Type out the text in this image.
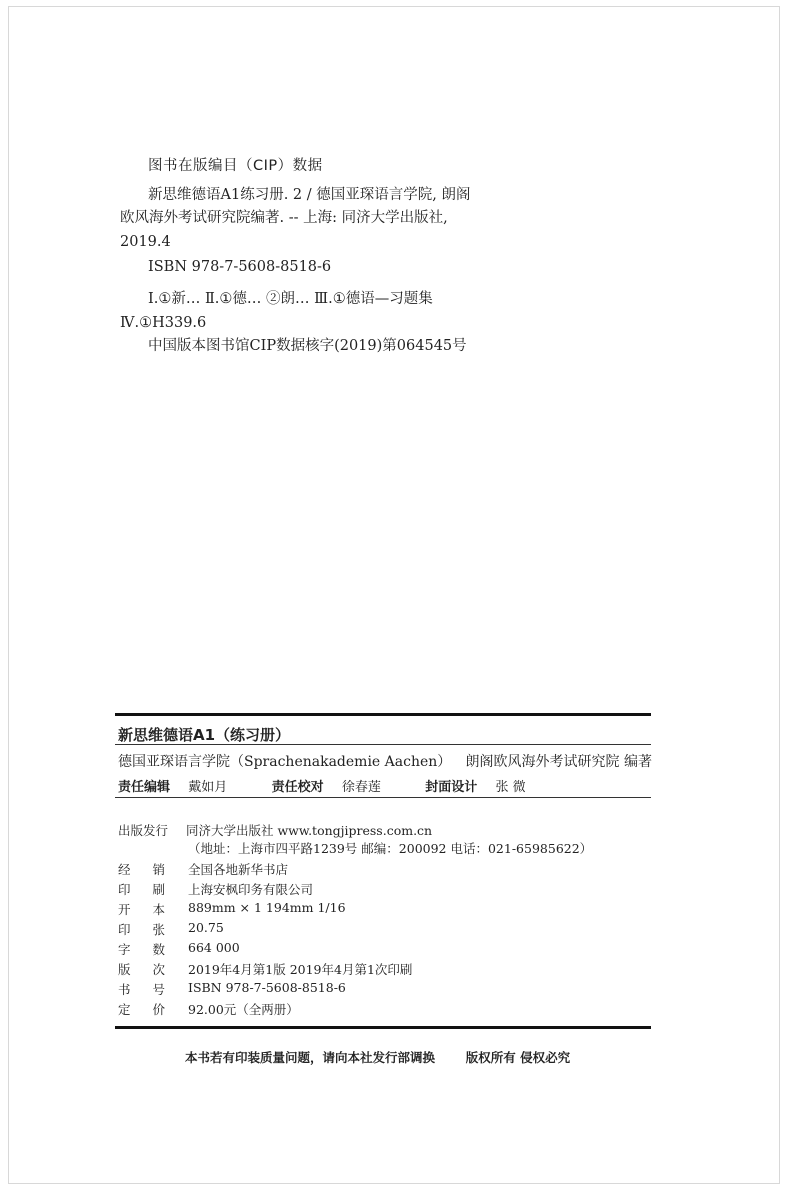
图书在版编目（CIP）数据
新思维德语A1练习册. 2 / 德国亚琛语言学院, 朗阁
欧风海外考试研究院编著. -- 上海: 同济大学出版社,
2019.4
ISBN 978-7-5608-8518-6
Ⅰ.①新… Ⅱ.①德… ②朗… Ⅲ.①德语—习题集
Ⅳ.①H339.6
中国版本图书馆CIP数据核字(2019)第064545号
新思维德语A1（练习册）
德国亚琛语言学院（Sprachenakademie Aachen） 朗阁欧风海外考试研究院 编著
责任编辑 戴如月	责任校对 徐春莲	封面设计 张 微
出版发行 同济大学出版社 www.tongjipress.com.cn
（地址：上海市四平路1239号 邮编：200092 电话：021-65985622）
经销 全国各地新华书店
印刷 上海安枫印务有限公司
开本 889mm × 1 194mm 1/16
印张 20.75
字数 664 000
版次 2019年4月第1版 2019年4月第1次印刷
书号 ISBN 978-7-5608-8518-6
定价 92.00元（全两册）
本书若有印装质量问题，请向本社发行部调换 版权所有 侵权必究
